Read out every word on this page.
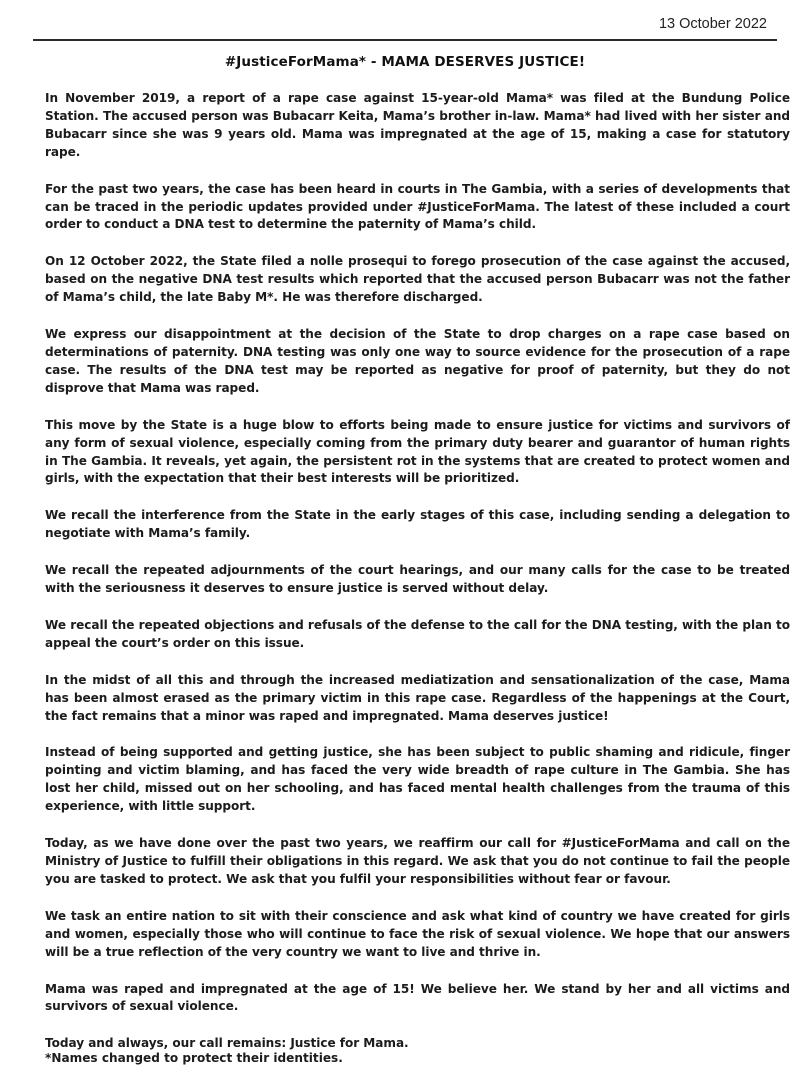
13 October 2022
#JusticeForMama* - MAMA DESERVES JUSTICE!

In November 2019, a report of a rape case against 15-year-old Mama* was filed at the Bundung Police Station. The accused person was Bubacarr Keita, Mama’s brother in-law. Mama* had lived with her sister and Bubacarr since she was 9 years old. Mama was impregnated at the age of 15, making a case for statutory rape.

For the past two years, the case has been heard in courts in The Gambia, with a series of developments that can be traced in the periodic updates provided under #JusticeForMama. The latest of these included a court order to conduct a DNA test to determine the paternity of Mama’s child.

On 12 October 2022, the State filed a nolle prosequi to forego prosecution of the case against the accused, based on the negative DNA test results which reported that the accused person Bubacarr was not the father of Mama’s child, the late Baby M*. He was therefore discharged.

We express our disappointment at the decision of the State to drop charges on a rape case based on determinations of paternity. DNA testing was only one way to source evidence for the prosecution of a rape case. The results of the DNA test may be reported as negative for proof of paternity, but they do not disprove that Mama was raped.

This move by the State is a huge blow to efforts being made to ensure justice for victims and survivors of any form of sexual violence, especially coming from the primary duty bearer and guarantor of human rights in The Gambia. It reveals, yet again, the persistent rot in the systems that are created to protect women and girls, with the expectation that their best interests will be prioritized.

We recall the interference from the State in the early stages of this case, including sending a delegation to negotiate with Mama’s family.

We recall the repeated adjournments of the court hearings, and our many calls for the case to be treated with the seriousness it deserves to ensure justice is served without delay.

We recall the repeated objections and refusals of the defense to the call for the DNA testing, with the plan to appeal the court’s order on this issue.

In the midst of all this and through the increased mediatization and sensationalization of the case, Mama has been almost erased as the primary victim in this rape case. Regardless of the happenings at the Court, the fact remains that a minor was raped and impregnated. Mama deserves justice!

Instead of being supported and getting justice, she has been subject to public shaming and ridicule, finger pointing and victim blaming, and has faced the very wide breadth of rape culture in The Gambia. She has lost her child, missed out on her schooling, and has faced mental health challenges from the trauma of this experience, with little support.

Today, as we have done over the past two years, we reaffirm our call for #JusticeForMama and call on the Ministry of Justice to fulfill their obligations in this regard. We ask that you do not continue to fail the people you are tasked to protect. We ask that you fulfil your responsibilities without fear or favour.

We task an entire nation to sit with their conscience and ask what kind of country we have created for girls and women, especially those who will continue to face the risk of sexual violence. We hope that our answers will be a true reflection of the very country we want to live and thrive in.

Mama was raped and impregnated at the age of 15! We believe her. We stand by her and all victims and survivors of sexual violence.

Today and always, our call remains: Justice for Mama.

*Names changed to protect their identities.
